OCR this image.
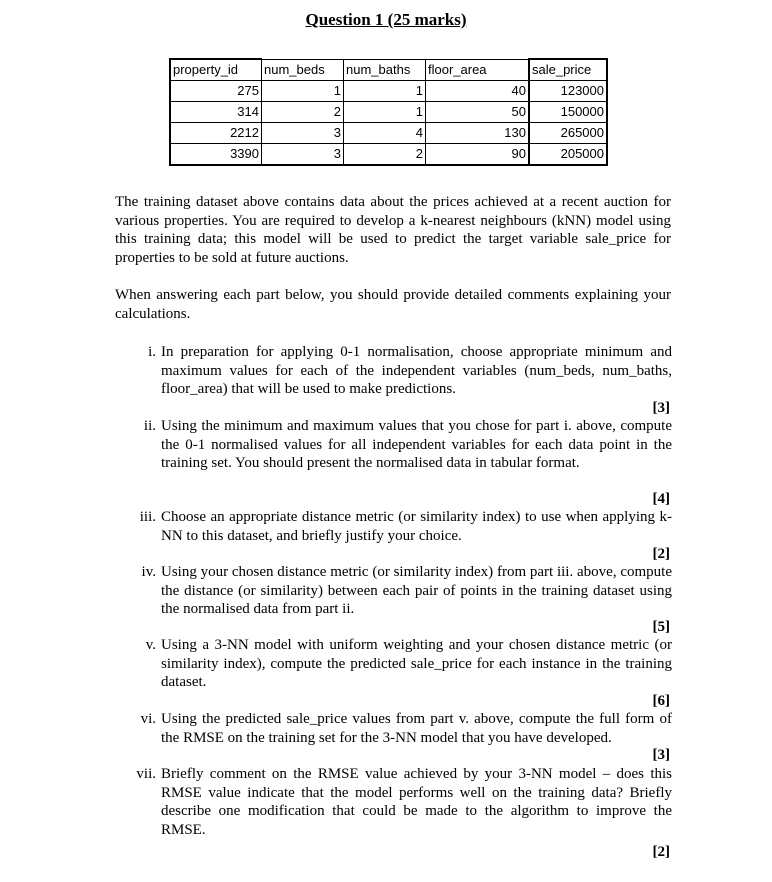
Question 1 (25 marks)
property_id	num_beds	num_baths	floor_area	sale_price
275	1	1	40	123000
314	2	1	50	150000
2212	3	4	130	265000
3390	3	2	90	205000
The training dataset above contains data about the prices achieved at a recent auction for various properties. You are required to develop a k-nearest neighbours (kNN) model using this training data; this model will be used to predict the target variable sale_price for properties to be sold at future auctions.
When answering each part below, you should provide detailed comments explaining your calculations.
i. In preparation for applying 0-1 normalisation, choose appropriate minimum and maximum values for each of the independent variables (num_beds, num_baths, floor_area) that will be used to make predictions.
[3]
ii. Using the minimum and maximum values that you chose for part i. above, compute the 0-1 normalised values for all independent variables for each data point in the training set. You should present the normalised data in tabular format.
[4]
iii. Choose an appropriate distance metric (or similarity index) to use when applying k-NN to this dataset, and briefly justify your choice.
[2]
iv. Using your chosen distance metric (or similarity index) from part iii. above, compute the distance (or similarity) between each pair of points in the training dataset using the normalised data from part ii.
[5]
v. Using a 3-NN model with uniform weighting and your chosen distance metric (or similarity index), compute the predicted sale_price for each instance in the training dataset.
[6]
vi. Using the predicted sale_price values from part v. above, compute the full form of the RMSE on the training set for the 3-NN model that you have developed.
[3]
vii. Briefly comment on the RMSE value achieved by your 3-NN model – does this RMSE value indicate that the model performs well on the training data? Briefly describe one modification that could be made to the algorithm to improve the RMSE.
[2]
